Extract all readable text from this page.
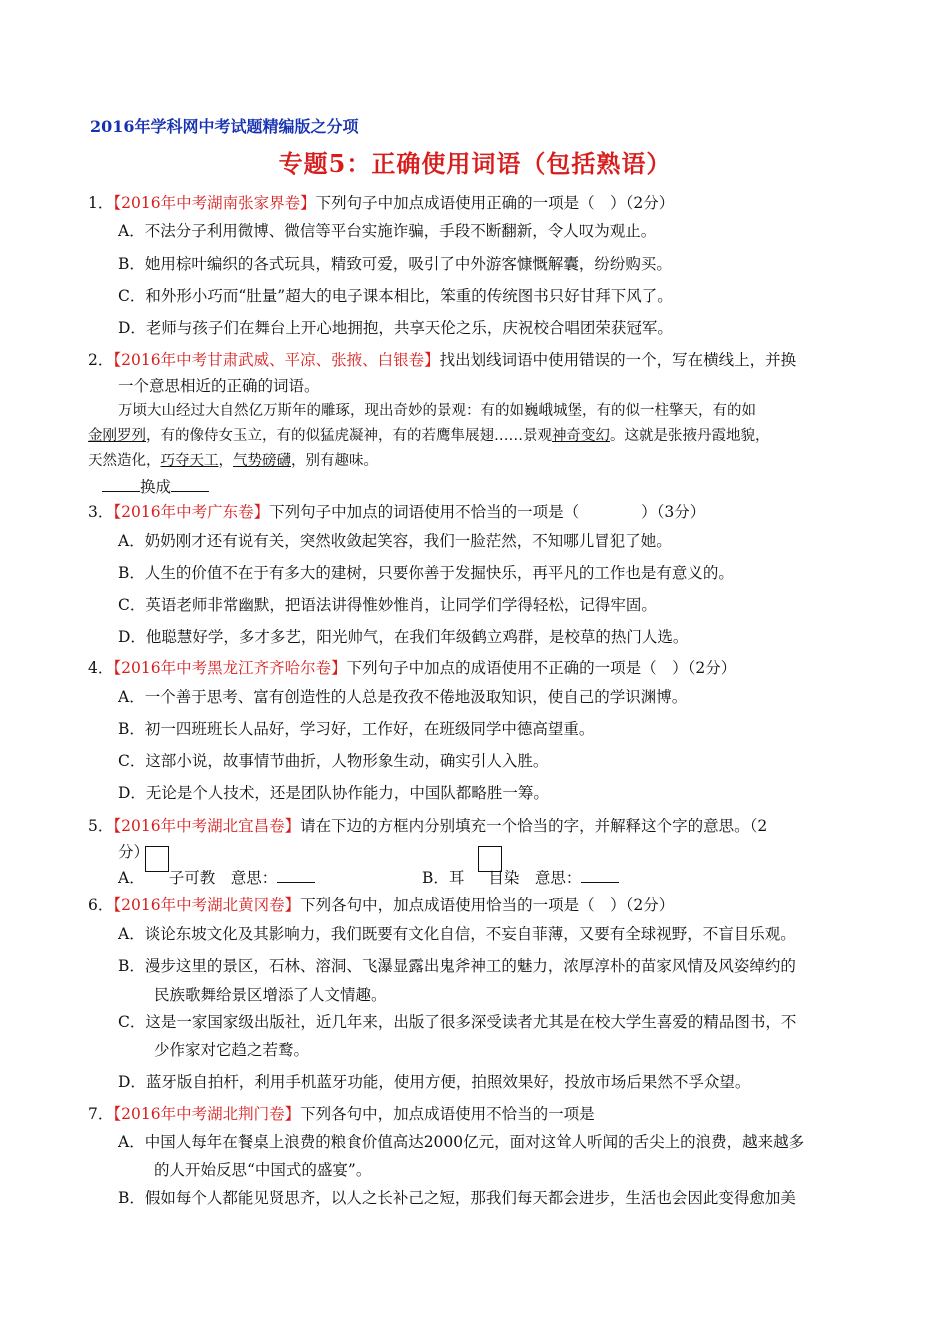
2016年学科网中考试题精编版之分项
专题5：正确使用词语（包括熟语）
1．【2016年中考湖南张家界卷】下列句子中加点成语使用正确的一项是（　）（2分）
A．不法分子利用微博、微信等平台实施诈骗，手段不断翻新，令人叹为观止。
B．她用棕叶编织的各式玩具，精致可爱，吸引了中外游客慷慨解囊，纷纷购买。
C．和外形小巧而“肚量”超大的电子课本相比，笨重的传统图书只好甘拜下风了。
D．老师与孩子们在舞台上开心地拥抱，共享天伦之乐，庆祝校合唱团荣获冠军。
2．【2016年中考甘肃武威、平凉、张掖、白银卷】找出划线词语中使用错误的一个，写在横线上，并换
一个意思相近的正确的词语。
万顷大山经过大自然亿万斯年的雕琢，现出奇妙的景观：有的如巍峨城堡，有的似一柱擎天，有的如
金刚罗列，有的像侍女玉立，有的似猛虎凝神，有的若鹰隼展翅……景观神奇变幻。这就是张掖丹霞地貌，
天然造化，巧夺天工，气势磅礴，别有趣味。
换成
3．【2016年中考广东卷】下列句子中加点的词语使用不恰当的一项是（　　　　）（3分）
A．奶奶刚才还有说有关，突然收敛起笑容，我们一脸茫然，不知哪儿冒犯了她。
B．人生的价值不在于有多大的建树，只要你善于发掘快乐，再平凡的工作也是有意义的。
C．英语老师非常幽默，把语法讲得惟妙惟肖，让同学们学得轻松，记得牢固。
D．他聪慧好学，多才多艺，阳光帅气，在我们年级鹤立鸡群，是校草的热门人选。
4．【2016年中考黑龙江齐齐哈尔卷】下列句子中加点的成语使用不正确的一项是（　）（2分）
A．一个善于思考、富有创造性的人总是孜孜不倦地汲取知识，使自己的学识渊博。
B．初一四班班长人品好，学习好，工作好，在班级同学中德高望重。
C．这部小说，故事情节曲折，人物形象生动，确实引人入胜。
D．无论是个人技术，还是团队协作能力，中国队都略胜一筹。
5．【2016年中考湖北宜昌卷】请在下边的方框内分别填充一个恰当的字，并解释这个字的意思。（2
分）
A． 子可教　意思：	B．耳 目染　意思：
6．【2016年中考湖北黄冈卷】下列各句中，加点成语使用恰当的一项是（　）（2分）
A．谈论东坡文化及其影响力，我们既要有文化自信，不妄自菲薄，又要有全球视野，不盲目乐观。
B．漫步这里的景区，石林、溶洞、飞瀑显露出鬼斧神工的魅力，浓厚淳朴的苗家风情及风姿绰约的
民族歌舞给景区增添了人文情趣。
C．这是一家国家级出版社，近几年来，出版了很多深受读者尤其是在校大学生喜爱的精品图书，不
少作家对它趋之若鹜。
D．蓝牙版自拍杆，利用手机蓝牙功能，使用方便，拍照效果好，投放市场后果然不孚众望。
7．【2016年中考湖北荆门卷】下列各句中，加点成语使用不恰当的一项是
A．中国人每年在餐桌上浪费的粮食价值高达2000亿元，面对这耸人听闻的舌尖上的浪费，越来越多
的人开始反思“中国式的盛宴”。
B．假如每个人都能见贤思齐，以人之长补己之短，那我们每天都会进步，生活也会因此变得愈加美
